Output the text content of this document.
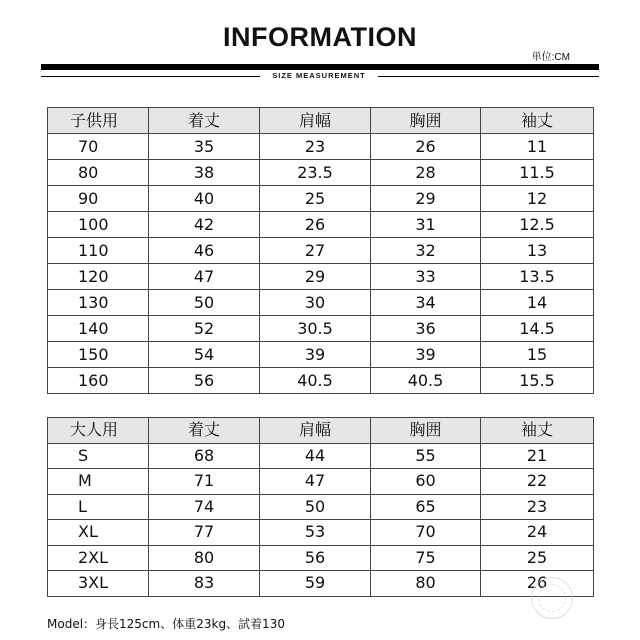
INFORMATION
単位:CM
SIZE MEASUREMENT
子供用	着丈	肩幅	胸囲	袖丈
70	35	23	26	11
80	38	23.5	28	11.5
90	40	25	29	12
100	42	26	31	12.5
110	46	27	32	13
120	47	29	33	13.5
130	50	30	34	14
140	52	30.5	36	14.5
150	54	39	39	15
160	56	40.5	40.5	15.5
大人用	着丈	肩幅	胸囲	袖丈
S	68	44	55	21
M	71	47	60	22
L	74	50	65	23
XL	77	53	70	24
2XL	80	56	75	25
3XL	83	59	80	26
Model：身長125cm、体重23kg、試着130
